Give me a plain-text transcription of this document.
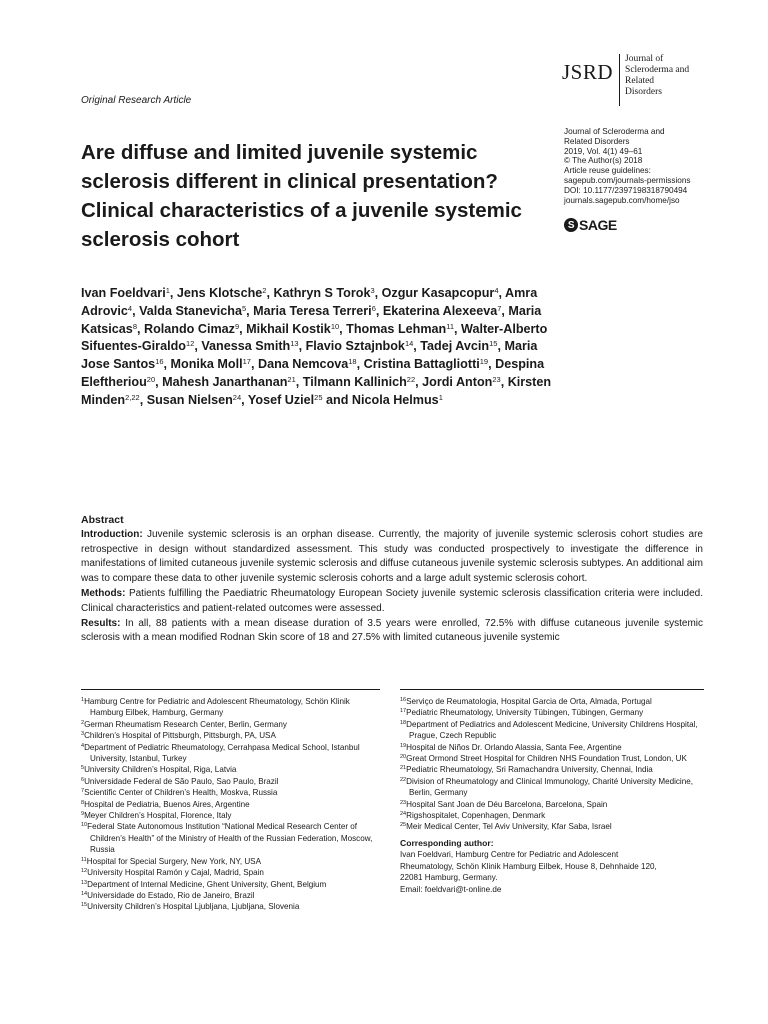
JSRD
Journal of
Scleroderma and
Related
Disorders
Original Research Article
Are diffuse and limited juvenile systemic sclerosis different in clinical presentation? Clinical characteristics of a juvenile systemic sclerosis cohort
Journal of Scleroderma and
Related Disorders
2019, Vol. 4(1) 49–61
© The Author(s) 2018
Article reuse guidelines:
sagepub.com/journals-permissions
DOI: 10.1177/2397198318790494
journals.sagepub.com/home/jso
S SAGE
Ivan Foeldvari$^1$, Jens Klotsche$^2$, Kathryn S Torok$^3$, Ozgur Kasapcopur$^4$, Amra Adrovic$^4$, Valda Stanevicha$^5$, Maria Teresa Terreri$^6$, Ekaterina Alexeeva$^7$, Maria Katsicas$^8$, Rolando Cimaz$^9$, Mikhail Kostik$^{10}$, Thomas Lehman$^{11}$, Walter-Alberto Sifuentes-Giraldo$^{12}$, Vanessa Smith$^{13}$, Flavio Sztajnbok$^{14}$, Tadej Avcin$^{15}$, Maria Jose Santos$^{16}$, Monika Moll$^{17}$, Dana Nemcova$^{18}$, Cristina Battagliotti$^{19}$, Despina Eleftheriou$^{20}$, Mahesh Janarthanan$^{21}$, Tilmann Kallinich$^{22}$, Jordi Anton$^{23}$, Kirsten Minden$^{2,22}$, Susan Nielsen$^{24}$, Yosef Uziel$^{25}$ and Nicola Helmus$^1$
Abstract

Introduction: Juvenile systemic sclerosis is an orphan disease. Currently, the majority of juvenile systemic sclerosis cohort studies are retrospective in design without standardized assessment. This study was conducted prospectively to investigate the difference in manifestations of limited cutaneous juvenile systemic sclerosis and diffuse cutaneous juvenile systemic sclerosis subtypes. An additional aim was to compare these data to other juvenile systemic sclerosis cohorts and a large adult systemic sclerosis cohort.

Methods: Patients fulfilling the Paediatric Rheumatology European Society juvenile systemic sclerosis classification criteria were included. Clinical characteristics and patient-related outcomes were assessed.

Results: In all, 88 patients with a mean disease duration of 3.5 years were enrolled, 72.5% with diffuse cutaneous juvenile systemic sclerosis with a mean modified Rodnan Skin score of 18 and 27.5% with limited cutaneous juvenile systemic

$^1$Hamburg Centre for Pediatric and Adolescent Rheumatology, Schön Klinik Hamburg Eilbek, Hamburg, Germany
$^2$German Rheumatism Research Center, Berlin, Germany
$^3$Children’s Hospital of Pittsburgh, Pittsburgh, PA, USA
$^4$Department of Pediatric Rheumatology, Cerrahpasa Medical School, Istanbul University, Istanbul, Turkey
$^5$University Children’s Hospital, Riga, Latvia
$^6$Universidade Federal de São Paulo, Sao Paulo, Brazil
$^7$Scientific Center of Children’s Health, Moskva, Russia
$^8$Hospital de Pediatria, Buenos Aires, Argentine
$^9$Meyer Children’s Hospital, Florence, Italy
$^{10}$Federal State Autonomous Institution “National Medical Research Center of Children’s Health” of the Ministry of Health of the Russian Federation, Moscow, Russia
$^{11}$Hospital for Special Surgery, New York, NY, USA
$^{12}$University Hospital Ramón y Cajal, Madrid, Spain
$^{13}$Department of Internal Medicine, Ghent University, Ghent, Belgium
$^{14}$Universidade do Estado, Rio de Janeiro, Brazil
$^{15}$University Children’s Hospital Ljubljana, Ljubljana, Slovenia
$^{16}$Serviço de Reumatologia, Hospital Garcia de Orta, Almada, Portugal
$^{17}$Pediatric Rheumatology, University Tübingen, Tübingen, Germany
$^{18}$Department of Pediatrics and Adolescent Medicine, University Childrens Hospital, Prague, Czech Republic
$^{19}$Hospital de Niños Dr. Orlando Alassia, Santa Fee, Argentine
$^{20}$Great Ormond Street Hospital for Children NHS Foundation Trust, London, UK
$^{21}$Pediatric Rheumatology, Sri Ramachandra University, Chennai, India
$^{22}$Division of Rheumatology and Clinical Immunology, Charité University Medicine, Berlin, Germany
$^{23}$Hospital Sant Joan de Déu Barcelona, Barcelona, Spain
$^{24}$Rigshospitalet, Copenhagen, Denmark
$^{25}$Meir Medical Center, Tel Aviv University, Kfar Saba, Israel
Corresponding author:
Ivan Foeldvari, Hamburg Centre for Pediatric and Adolescent
Rheumatology, Schön Klinik Hamburg Eilbek, House 8, Dehnhaide 120,
22081 Hamburg, Germany.
Email: foeldvari@t-online.de
